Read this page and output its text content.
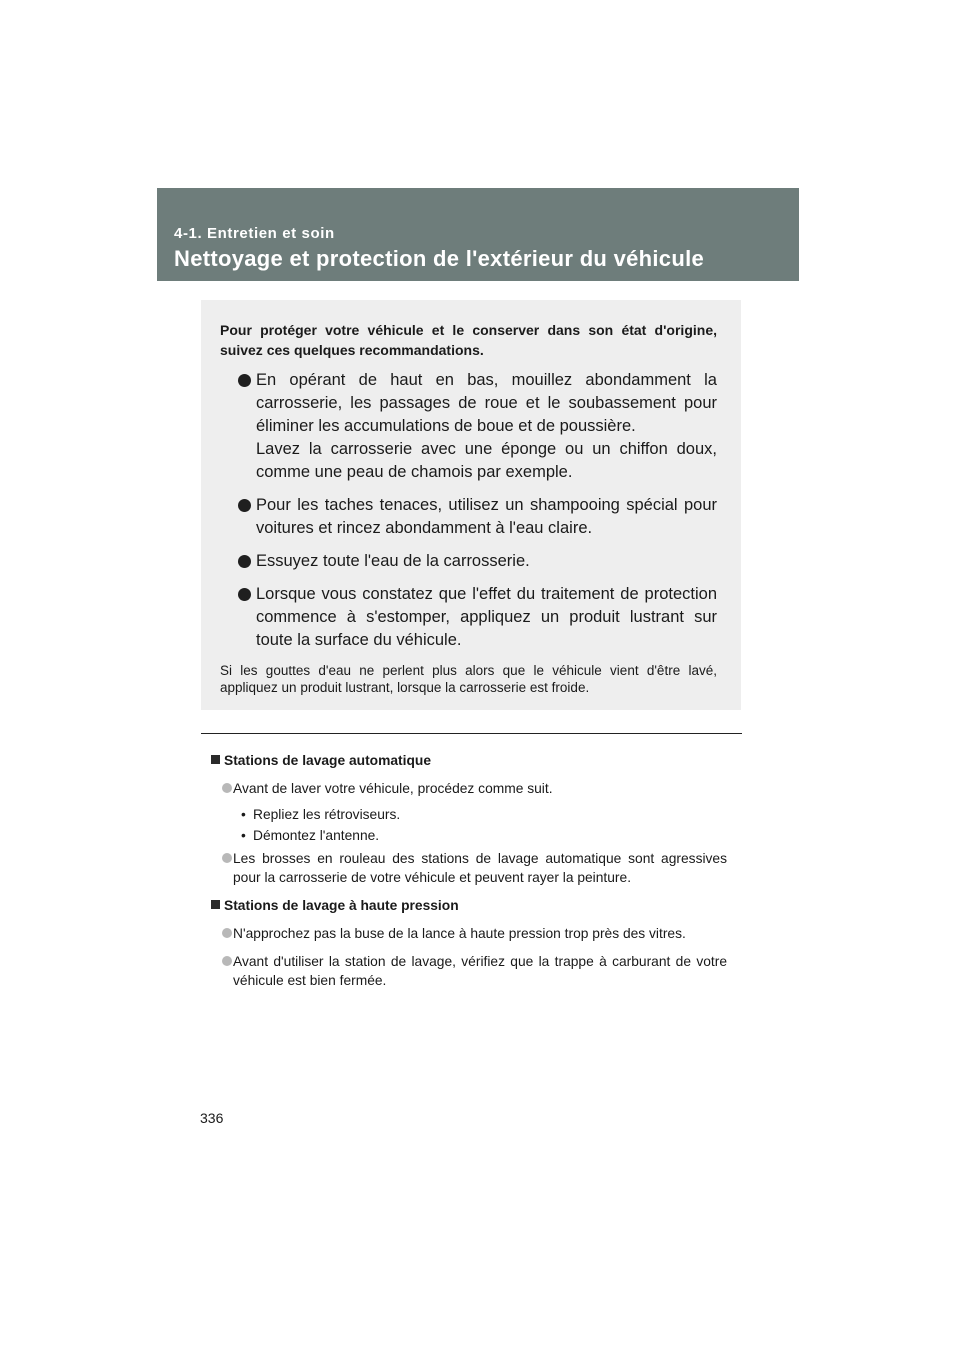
4-1. Entretien et soin
Nettoyage et protection de l'extérieur du véhicule

Pour protéger votre véhicule et le conserver dans son état d'origine, suivez ces quelques recommandations.

En opérant de haut en bas, mouillez abondamment la carrosserie, les passages de roue et le soubassement pour éliminer les accumulations de boue et de poussière.
Lavez la carrosserie avec une éponge ou un chiffon doux, comme une peau de chamois par exemple.
Pour les taches tenaces, utilisez un shampooing spécial pour voitures et rincez abondamment à l'eau claire.
Essuyez toute l'eau de la carrosserie.
Lorsque vous constatez que l'effet du traitement de protection commence à s'estomper, appliquez un produit lustrant sur toute la surface du véhicule.
Si les gouttes d'eau ne perlent plus alors que le véhicule vient d'être lavé, appliquez un produit lustrant, lorsque la carrosserie est froide.
Stations de lavage automatique
Avant de laver votre véhicule, procédez comme suit.
• Repliez les rétroviseurs.
• Démontez l'antenne.
Les brosses en rouleau des stations de lavage automatique sont agressives pour la carrosserie de votre véhicule et peuvent rayer la peinture.
Stations de lavage à haute pression
N'approchez pas la buse de la lance à haute pression trop près des vitres.
Avant d'utiliser la station de lavage, vérifiez que la trappe à carburant de votre véhicule est bien fermée.
336
